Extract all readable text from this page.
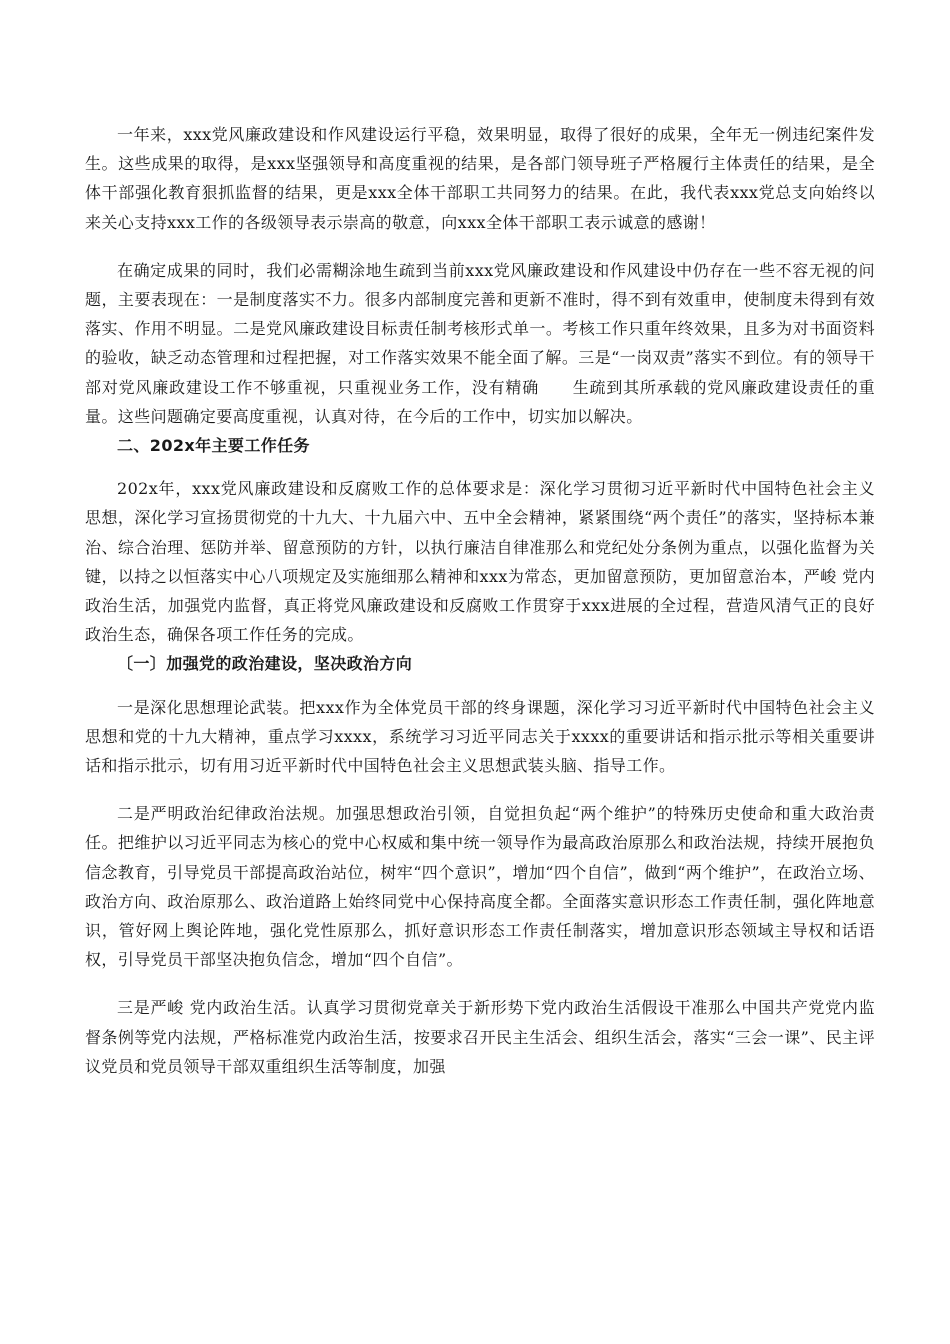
一年来，xxx党风廉政建设和作风建设运行平稳，效果明显，取得了很好的成果，全年无一例违纪案件发生。这些成果的取得，是xxx坚强领导和高度重视的结果，是各部门领导班子严格履行主体责任的结果，是全体干部强化教育狠抓监督的结果，更是xxx全体干部职工共同努力的结果。在此，我代表xxx党总支向始终以来关心支持xxx工作的各级领导表示崇高的敬意，向xxx全体干部职工表示诚意的感谢！

在确定成果的同时，我们必需糊涂地生疏到当前xxx党风廉政建设和作风建设中仍存在一些不容无视的问题，主要表现在：一是制度落实不力。很多内部制度完善和更新不准时，得不到有效重申，使制度未得到有效落实、作用不明显。二是党风廉政建设目标责任制考核形式单一。考核工作只重年终效果，且多为对书面资料的验收，缺乏动态管理和过程把握，对工作落实效果不能全面了解。三是“一岗双责”落实不到位。有的领导干部对党风廉政建设工作不够重视，只重视业务工作，没有精确　　生疏到其所承载的党风廉政建设责任的重量。这些问题确定要高度重视，认真对待，在今后的工作中，切实加以解决。

二、202x年主要工作任务

202x年，xxx党风廉政建设和反腐败工作的总体要求是：深化学习贯彻习近平新时代中国特色社会主义思想，深化学习宣扬贯彻党的十九大、十九届六中、五中全会精神，紧紧围绕“两个责任”的落实，坚持标本兼治、综合治理、惩防并举、留意预防的方针，以执行廉洁自律准那么和党纪处分条例为重点，以强化监督为关键，以持之以恒落实中心八项规定及实施细那么精神和xxx为常态，更加留意预防，更加留意治本，严峻 党内政治生活，加强党内监督，真正将党风廉政建设和反腐败工作贯穿于xxx进展的全过程，营造风清气正的良好政治生态，确保各项工作任务的完成。

〔一〕加强党的政治建设，坚决政治方向

一是深化思想理论武装。把xxx作为全体党员干部的终身课题，深化学习习近平新时代中国特色社会主义思想和党的十九大精神，重点学习xxxx，系统学习习近平同志关于xxxx的重要讲话和指示批示等相关重要讲话和指示批示，切有用习近平新时代中国特色社会主义思想武装头脑、指导工作。

二是严明政治纪律政治法规。加强思想政治引领，自觉担负起“两个维护”的特殊历史使命和重大政治责任。把维护以习近平同志为核心的党中心权威和集中统一领导作为最高政治原那么和政治法规，持续开展抱负信念教育，引导党员干部提高政治站位，树牢“四个意识”，增加“四个自信”，做到“两个维护”，在政治立场、政治方向、政治原那么、政治道路上始终同党中心保持高度全都。全面落实意识形态工作责任制，强化阵地意识，管好网上舆论阵地，强化党性原那么，抓好意识形态工作责任制落实，增加意识形态领域主导权和话语权，引导党员干部坚决抱负信念，增加“四个自信”。

三是严峻 党内政治生活。认真学习贯彻党章关于新形势下党内政治生活假设干准那么中国共产党党内监督条例等党内法规，严格标准党内政治生活，按要求召开民主生活会、组织生活会，落实“三会一课”、民主评议党员和党员领导干部双重组织生活等制度，加强
